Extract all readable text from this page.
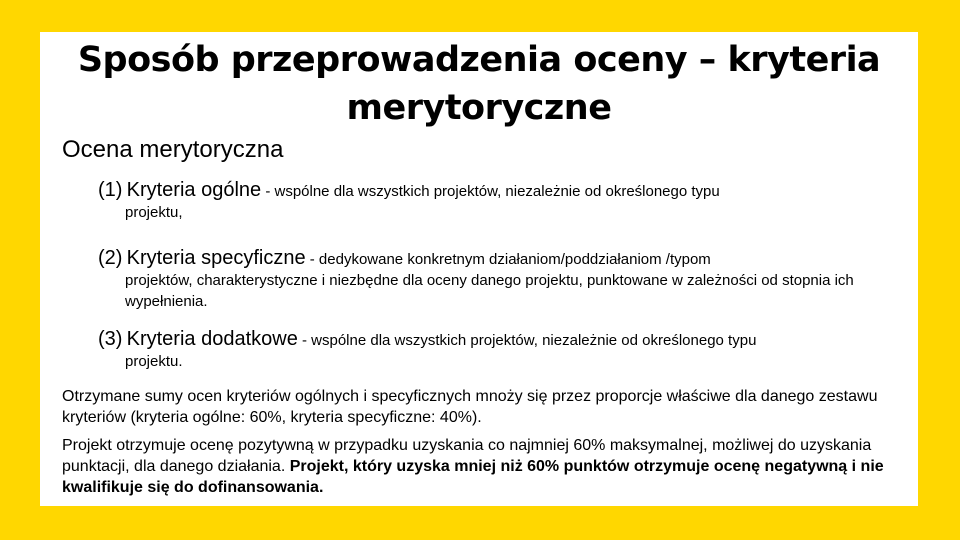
Sposób przeprowadzenia oceny – kryteria
merytoryczne
Ocena merytoryczna
(1) Kryteria ogólne - wspólne dla wszystkich projektów, niezależnie od określonego typu
projektu,
(2) Kryteria specyficzne - dedykowane konkretnym działaniom/poddziałaniom /typom
projektów, charakterystyczne i niezbędne dla oceny danego projektu, punktowane w zależności od stopnia ich wypełnienia.
(3) Kryteria dodatkowe - wspólne dla wszystkich projektów, niezależnie od określonego typu
projektu.
Otrzymane sumy ocen kryteriów ogólnych i specyficznych mnoży się przez proporcje właściwe dla danego zestawu kryteriów (kryteria ogólne: 60%, kryteria specyficzne: 40%).
Projekt otrzymuje ocenę pozytywną w przypadku uzyskania co najmniej 60% maksymalnej, możliwej do uzyskania punktacji, dla danego działania. Projekt, który uzyska mniej niż 60% punktów otrzymuje ocenę negatywną i nie kwalifikuje się do dofinansowania.
